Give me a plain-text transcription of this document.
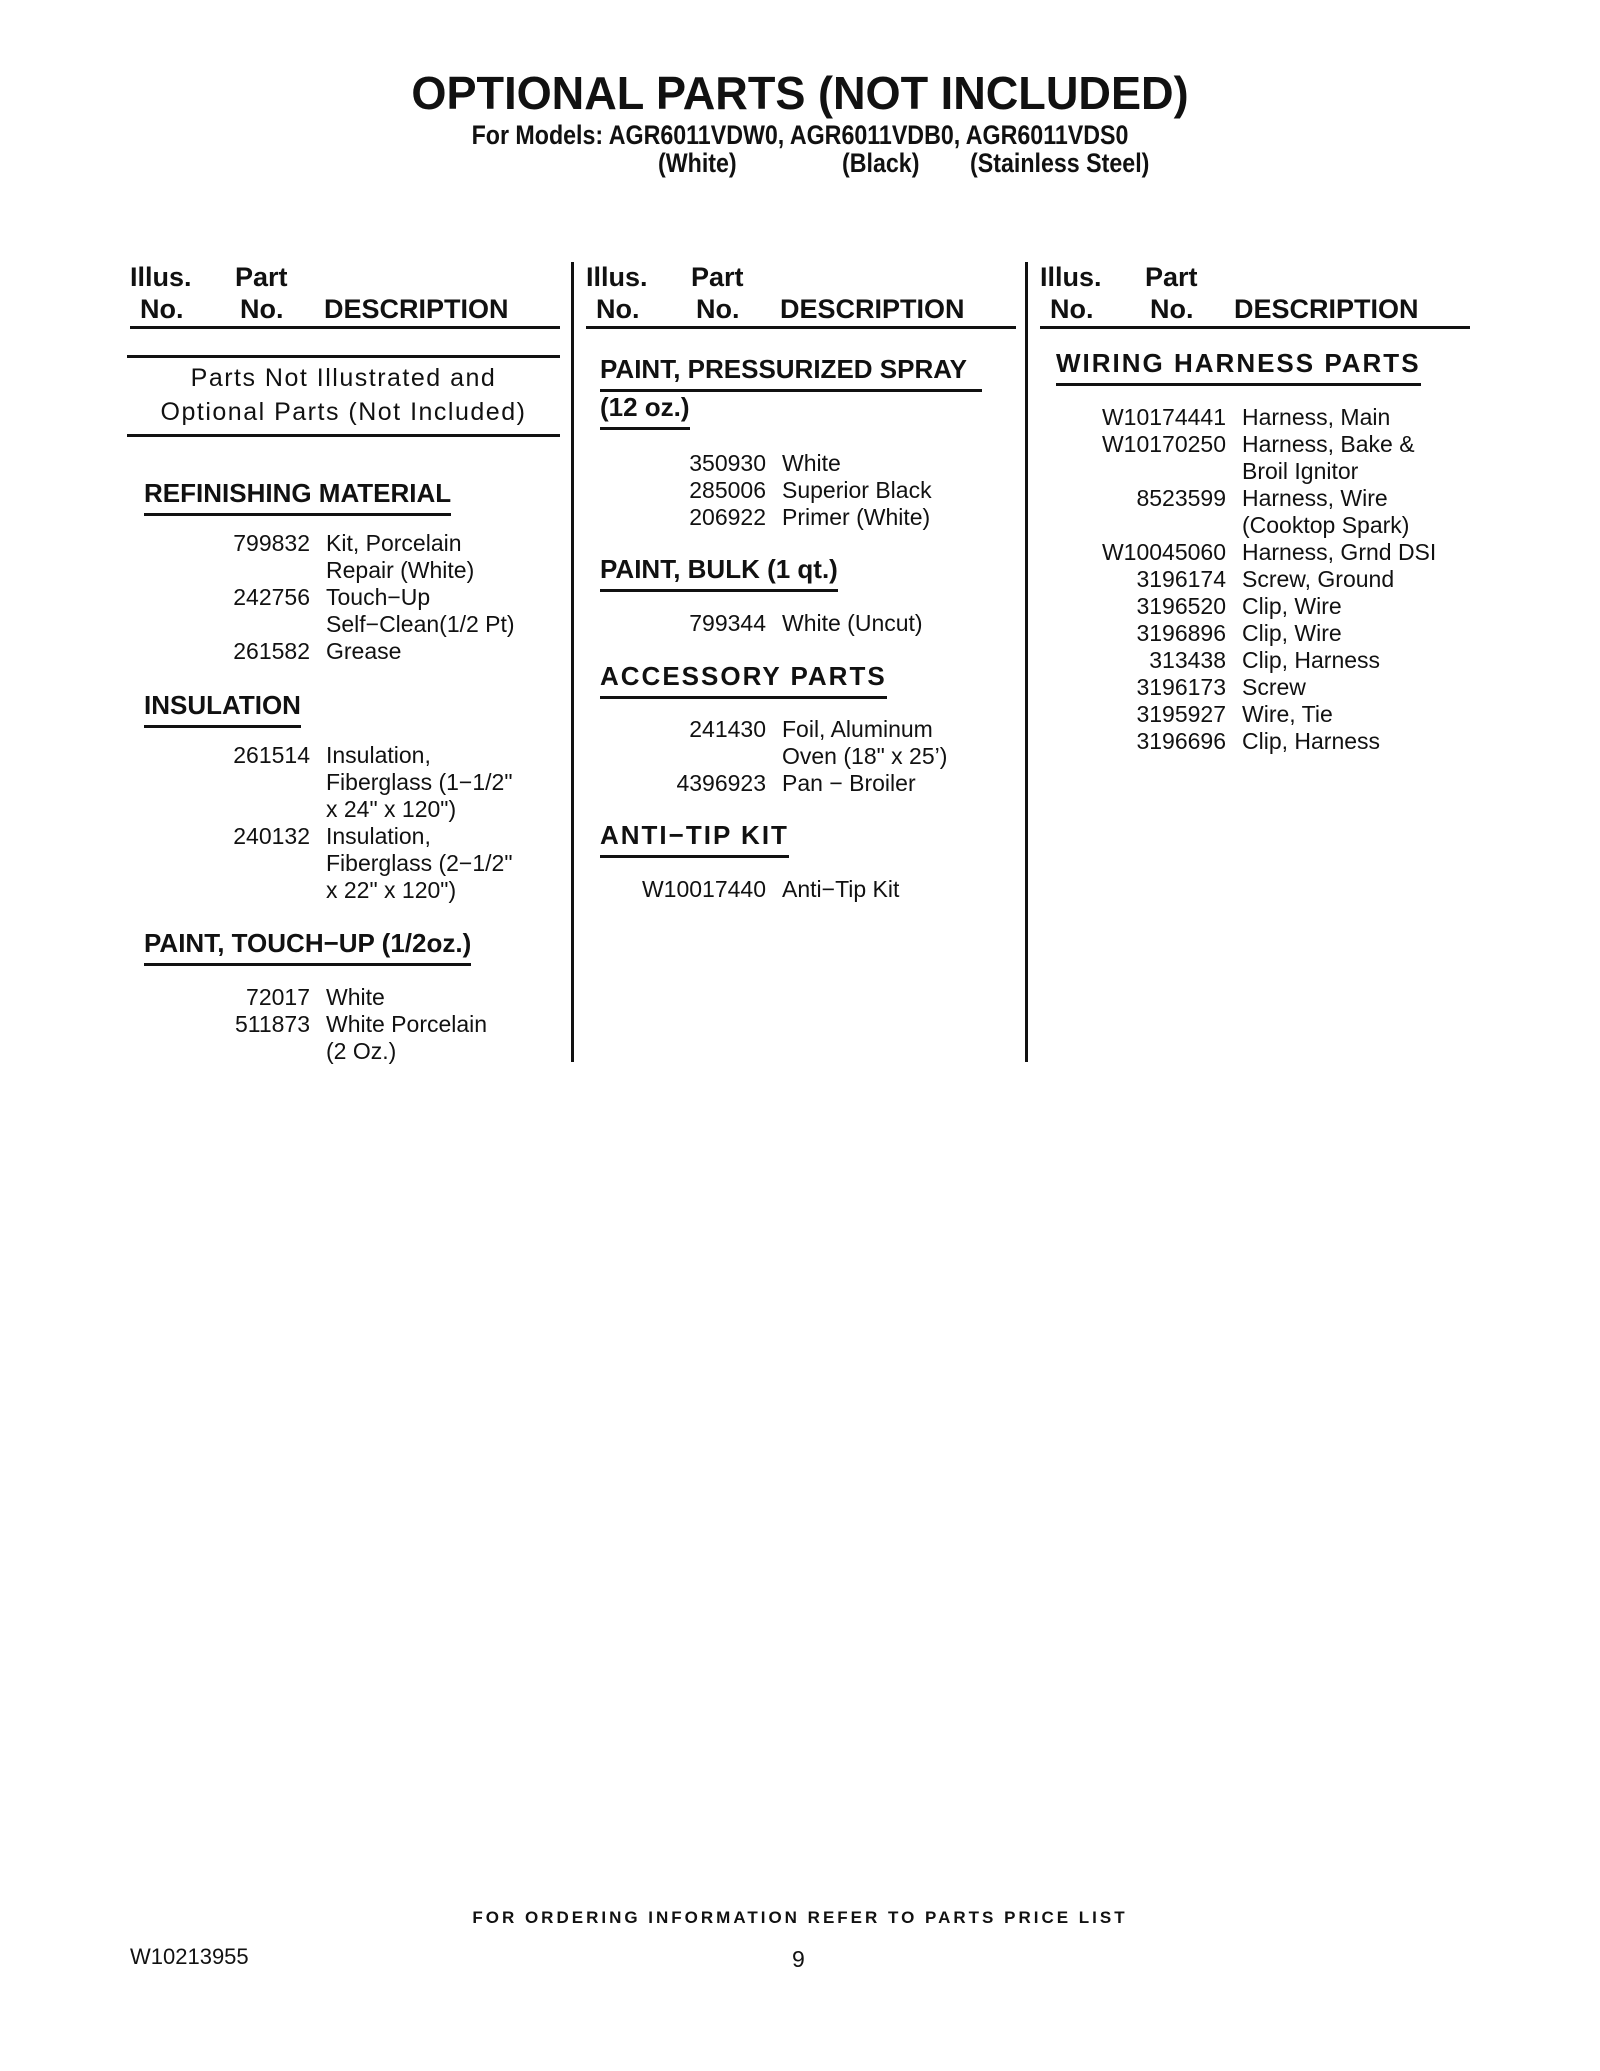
OPTIONAL PARTS (NOT INCLUDED)
For Models: AGR6011VDW0, AGR6011VDB0, AGR6011VDS0
(White)	(Black) (Stainless Steel)
Illus. Part
No. No. DESCRIPTION
Illus. Part
No. No. DESCRIPTION
Illus. Part
No. No. DESCRIPTION
Parts Not Illustrated and
Optional Parts (Not Included)
REFINISHING MATERIAL
799832 Kit, Porcelain
Repair (White)
242756 Touch−Up
Self−Clean(1/2 Pt)
261582 Grease
INSULATION
261514 Insulation,
Fiberglass (1−1/2"
x 24" x 120")
240132 Insulation,
Fiberglass (2−1/2"
x 22" x 120")
PAINT, TOUCH−UP (1/2oz.)
72017 White
511873 White Porcelain
(2 Oz.)
PAINT, PRESSURIZED SPRAY
(12 oz.)
350930 White
285006 Superior Black
206922 Primer (White)
PAINT, BULK (1 qt.)
799344 White (Uncut)
ACCESSORY PARTS
241430 Foil, Aluminum
Oven (18" x 25’)
4396923 Pan − Broiler
ANTI−TIP KIT
W10017440 Anti−Tip Kit
WIRING HARNESS PARTS
W10174441 Harness, Main
W10170250 Harness, Bake &
Broil Ignitor
8523599 Harness, Wire
(Cooktop Spark)
W10045060 Harness, Grnd DSI
3196174 Screw, Ground
3196520 Clip, Wire
3196896 Clip, Wire
313438 Clip, Harness
3196173 Screw
3195927 Wire, Tie
3196696 Clip, Harness
FOR ORDERING INFORMATION REFER TO PARTS PRICE LIST
W10213955	9
